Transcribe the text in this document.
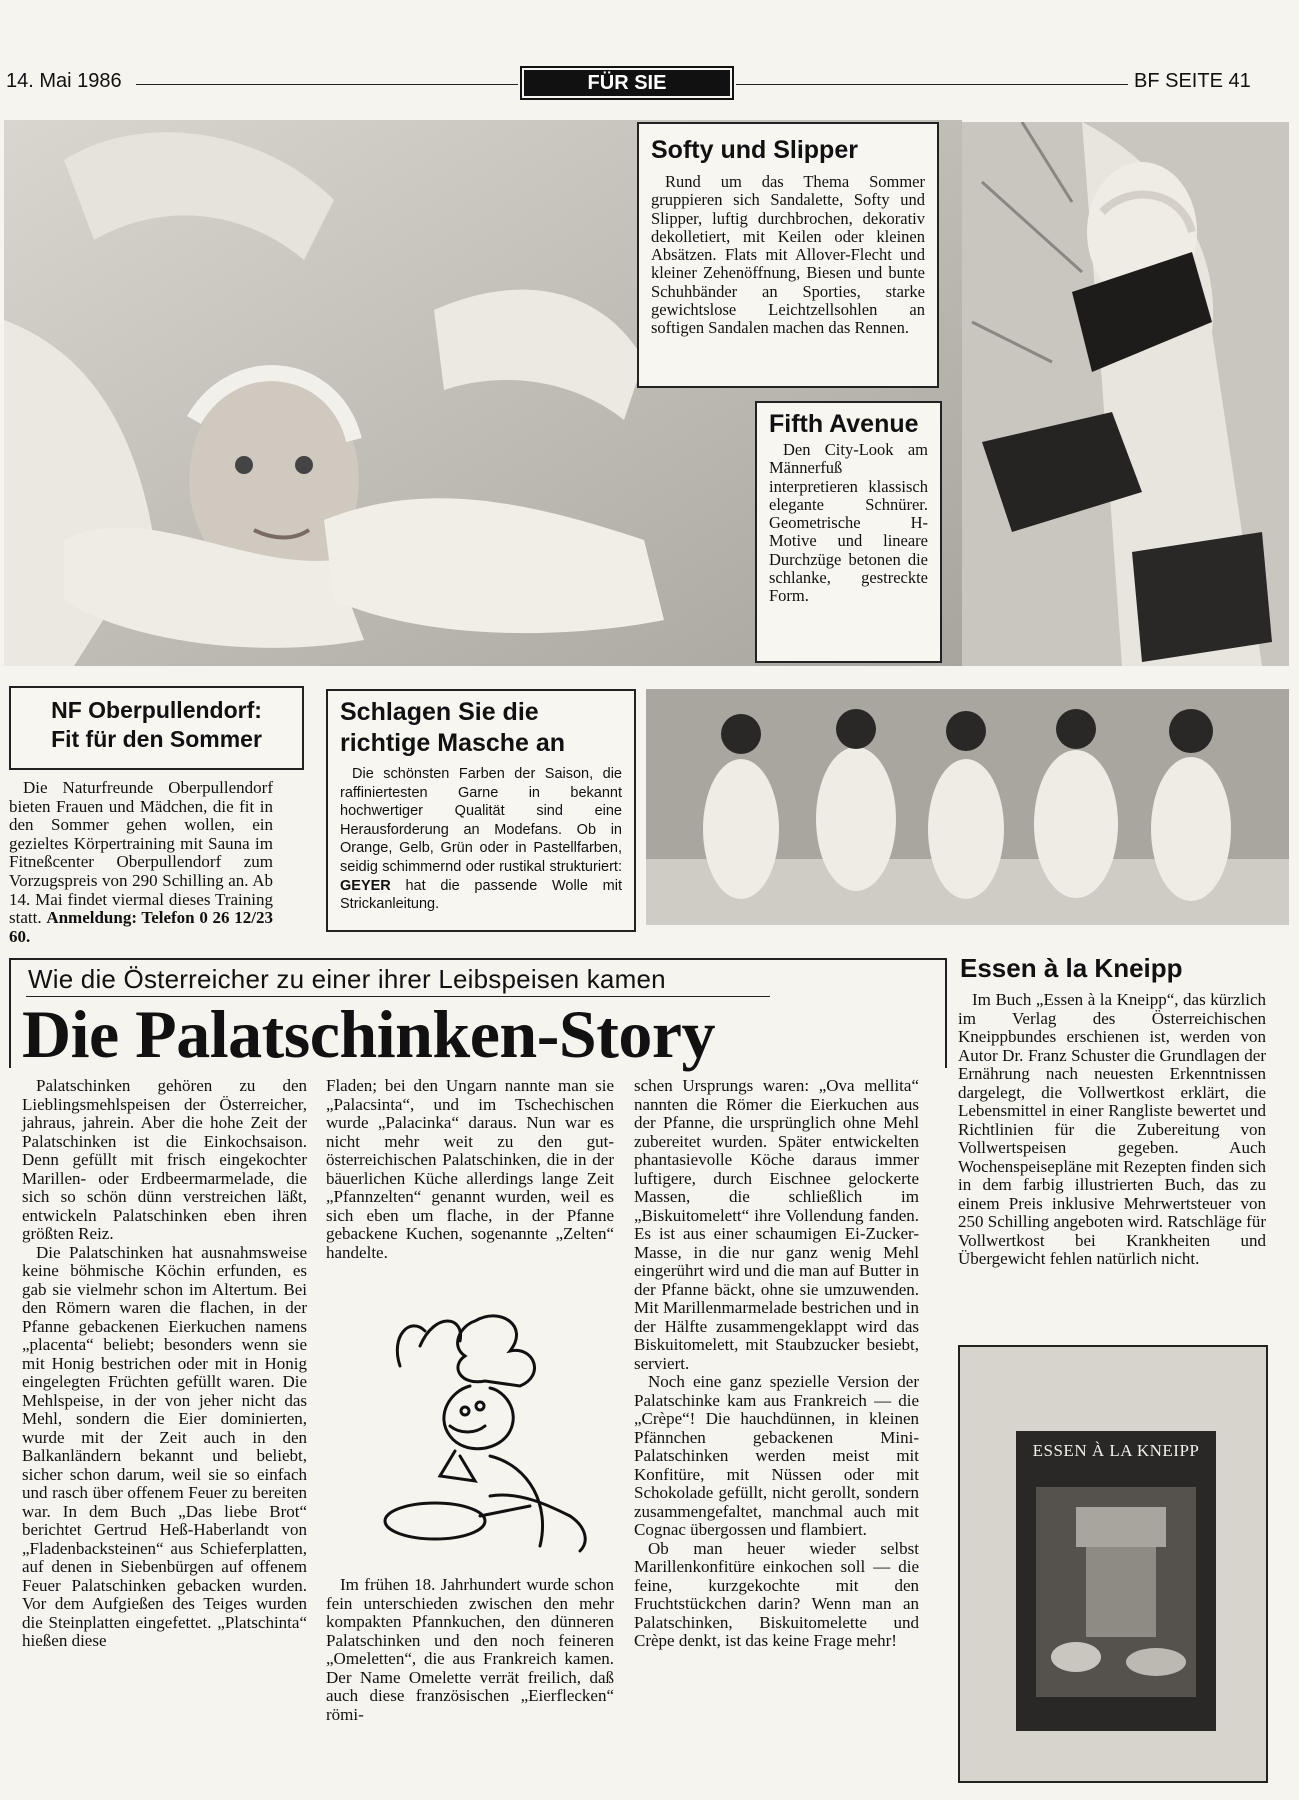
14. Mai 1986	FÜR SIE	BF SEITE 41
Softy und Slipper

Rund um das Thema Sommer gruppieren sich Sandalette, Softy und Slipper, luftig durchbrochen, dekorativ dekolletiert, mit Keilen oder kleinen Absätzen. Flats mit Allover-Flecht und kleiner Zehenöffnung, Biesen und bunte Schuhbänder an Sporties, starke gewichtslose Leichtzellsohlen an softigen Sandalen machen das Rennen.

Fifth Avenue

Den City-Look am Männerfuß interpretieren klassisch elegante Schnürer. Geometrische H-Motive und lineare Durchzüge betonen die schlanke, gestreckte Form.

NF Oberpullendorf:
Fit für den Sommer

Die Naturfreunde Oberpullendorf bieten Frauen und Mädchen, die fit in den Sommer gehen wollen, ein gezieltes Körpertraining mit Sauna im Fitneßcenter Oberpullendorf zum Vorzugspreis von 290 Schilling an. Ab 14. Mai findet viermal dieses Training statt. Anmeldung: Telefon 0 26 12/23 60.

Schlagen Sie die richtige Masche an

Die schönsten Farben der Saison, die raffiniertesten Garne in bekannt hochwertiger Qualität sind eine Herausforderung an Modefans. Ob in Orange, Gelb, Grün oder in Pastellfarben, seidig schimmernd oder rustikal strukturiert: GEYER hat die passende Wolle mit Strickanleitung.

Wie die Österreicher zu einer ihrer Leibspeisen kamen
Die Palatschinken-Story

Palatschinken gehören zu den Lieblingsmehlspeisen der Österreicher, jahraus, jahrein. Aber die hohe Zeit der Palatschinken ist die Einkochsaison. Denn gefüllt mit frisch eingekochter Marillen- oder Erdbeermarmelade, die sich so schön dünn verstreichen läßt, entwickeln Palatschinken eben ihren größten Reiz.

Die Palatschinken hat ausnahmsweise keine böhmische Köchin erfunden, es gab sie vielmehr schon im Altertum. Bei den Römern waren die flachen, in der Pfanne gebackenen Eierkuchen namens „placenta“ beliebt; besonders wenn sie mit Honig bestrichen oder mit in Honig eingelegten Früchten gefüllt waren. Die Mehlspeise, in der von jeher nicht das Mehl, sondern die Eier dominierten, wurde mit der Zeit auch in den Balkanländern bekannt und beliebt, sicher schon darum, weil sie so einfach und rasch über offenem Feuer zu bereiten war. In dem Buch „Das liebe Brot“ berichtet Gertrud Heß-Haberlandt von „Fladenbacksteinen“ aus Schieferplatten, auf denen in Siebenbürgen auf offenem Feuer Palatschinken gebacken wurden. Vor dem Aufgießen des Teiges wurden die Steinplatten eingefettet. „Platschinta“ hießen diese

Fladen; bei den Ungarn nannte man sie „Palacsinta“, und im Tschechischen wurde „Palacinka“ daraus. Nun war es nicht mehr weit zu den gut-österreichischen Palatschinken, die in der bäuerlichen Küche allerdings lange Zeit „Pfannzelten“ genannt wurden, weil es sich eben um flache, in der Pfanne gebackene Kuchen, sogenannte „Zelten“ handelte.

Im frühen 18. Jahrhundert wurde schon fein unterschieden zwischen den mehr kompakten Pfannkuchen, den dünneren Palatschinken und den noch feineren „Omeletten“, die aus Frankreich kamen. Der Name Omelette verrät freilich, daß auch diese französischen „Eierflecken“ römi-

schen Ursprungs waren: „Ova mellita“ nannten die Römer die Eierkuchen aus der Pfanne, die ursprünglich ohne Mehl zubereitet wurden. Später entwickelten phantasievolle Köche daraus immer luftigere, durch Eischnee gelockerte Massen, die schließlich im „Biskuitomelett“ ihre Vollendung fanden. Es ist aus einer schaumigen Ei-Zucker-Masse, in die nur ganz wenig Mehl eingerührt wird und die man auf Butter in der Pfanne bäckt, ohne sie umzuwenden. Mit Marillenmarmelade bestrichen und in der Hälfte zusammengeklappt wird das Biskuitomelett, mit Staubzucker besiebt, serviert.

Noch eine ganz spezielle Version der Palatschinke kam aus Frankreich — die „Crèpe“! Die hauchdünnen, in kleinen Pfännchen gebackenen Mini-Palatschinken werden meist mit Konfitüre, mit Nüssen oder mit Schokolade gefüllt, nicht gerollt, sondern zusammengefaltet, manchmal auch mit Cognac übergossen und flambiert.

Ob man heuer wieder selbst Marillenkonfitüre einkochen soll — die feine, kurzgekochte mit den Fruchtstückchen darin? Wenn man an Palatschinken, Biskuitomelette und Crèpe denkt, ist das keine Frage mehr!

Essen à la Kneipp

Im Buch „Essen à la Kneipp“, das kürzlich im Verlag des Österreichischen Kneippbundes erschienen ist, werden von Autor Dr. Franz Schuster die Grundlagen der Ernährung nach neuesten Erkenntnissen dargelegt, die Vollwertkost erklärt, die Lebensmittel in einer Rangliste bewertet und Richtlinien für die Zubereitung von Vollwertspeisen gegeben. Auch Wochenspeisepläne mit Rezepten finden sich in dem farbig illustrierten Buch, das zu einem Preis inklusive Mehrwertsteuer von 250 Schilling angeboten wird. Ratschläge für Vollwertkost bei Krankheiten und Übergewicht fehlen natürlich nicht.

ESSEN À LA KNEIPP
